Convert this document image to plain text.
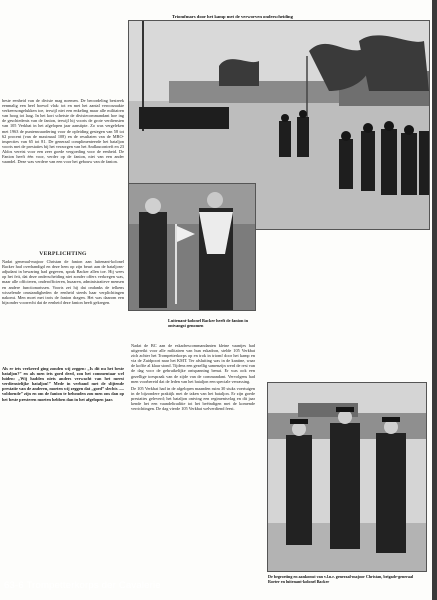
Triomfmars door het kamp met de verworven onderscheiding

beste eenheid van de divisie mag noemen. De beoordeling bestreek eenmalig een heel boewd vlak: tot en met het aantal veroorzaakte verkeersongelukken toe, terwijl niet een enkeling maar alle militairen van hoog tot laag. In het kort schetste de divisiecommandant hoe ing de geschiedenis van de fanion, terwijl hij voorts de grote verdiensten van 105 Verkbat in het afgelopen jaar aanstipte. Zo was vergeleken met 1963 de puntenwaardering voor de opleiding gestegen van 58 tot 62 procent (van de maximaal 108) en de resultaten van de MRO-inspecties van 65 tot 81. De generaal complimenteerde het bataljon voorts met de prestaties bij het verzorgen van het Andlaucontreft en 23 Aldos vereist voor een zeer goede vergoeding voor de eenheid. De Fanion heeft één voor, verder op de fanion, niet van een ander vaandel. Deze was verdere van een voor het gebouw van de fanion.

Luitenant-kolonel Backer heeft de fanion in ontvangst genomen
VERPLICHTING

Nadat generaal-majoor Christan de fanion aan luitenant-kolonel Backer had overhandigd en deze hem op zijn beurt aan de bataljons-adjudant in bewaring had gegeven, sprak Backer allen toe. Hij wees op het feit, dat deze onderscheiding niet zonder offers verkregen was, maar alle officieren, onderofficieren, huzaren, administratieve mensen en andere functionarissen. Voorts zei hij dat ondanks de telkens wisselende omstandigheden de eenheid steeds haar verplichtingen nakomt. Men moet met trots de fanion dragen. Het was daarom een bijzonder voorrecht dat de eenheid deze fanion heeft gekregen.

Als er iets verkeerd ging zonden wij zeggen: „Is dit nu het beste bataljon?” en als men iets goed deed, zou het commentaar wel luiden: „Wij hadden niets anders verwacht van het meest verdienstelijke bataljon!” Mede in verband met de slijtende prestatie van de anderen, moeten wij zeggen dat „goed” slechts ..... voldoende” zijn en om de fanion te behouden zou men ons dan op het beste presteren moeten hebben dan in het afgelopen jaar.

Nadat de BC aan de eskadrescommandanten kleine vaantjes had uitgereikt voor alle militairen van hun eskadron, stelde 105 Verkbat zich achter het Trompetterkorps op en trok in triomf door het kamp en via de Zuidpoort naar het KMT. Ter afsluiting was in de kantine, waar de koffie al klaar stond. Tijdens een gezellig samenzijn werd de rest van de dag voor de gebruikelijke ontspanning benut. Er was ook een gezellige toespraak van de zijde van de commandant. Vervolgens had men voorbereid dat de leden van het bataljon een speciale verrassing.

De 105 Verkbat had in de afgelopen maanden ruim 30 stuks voertuigen in de bijzondere praktijk met de taken van het bataljon. Er zijn goede prestaties geleverd; het bataljon ontving een regimentsvlag en dit jaar kende het een vaandeltraditie tot het beëindigen met de komende verrichtingen. De dag vierde 105 Verkbat welverdiend feest.

De begroeting en aankomst van v.l.n.r. generaal-majoor Christan, brigade-generaal Roeter en luitenant-kolonel Backer
63-6 Trompetterkorps der Cavalerie
